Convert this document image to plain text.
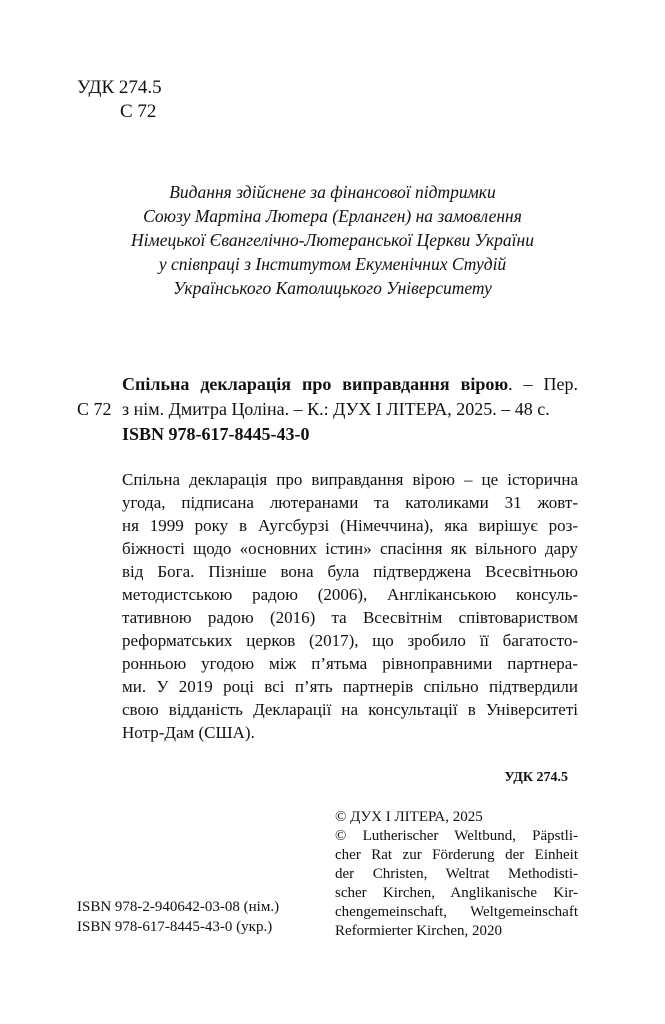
УДК 274.5
С 72
Видання здійснене за фінансової підтримки
Союзу Мартіна Лютера (Ерланген) на замовлення
Німецької Євангелічно-Лютеранської Церкви України
у співпраці з Інститутом Екуменічних Студій
Українського Католицького Університету
С 72
Спільна декларація про виправдання вірою. – Пер.
з нім. Дмитра Цоліна. – К.: ДУХ І ЛІТЕРА, 2025. – 48 с.
ISBN 978-617-8445-43-0
Спільна декларація про виправдання вірою – це історична
угода, підписана лютеранами та католиками 31 жовт-
ня 1999 року в Аугсбурзі (Німеччина), яка вирішує роз-
біжності щодо «основних істин» спасіння як вільного дару
від Бога. Пізніше вона була підтверджена Всесвітньою
методистською радою (2006), Англіканською консуль-
тативною радою (2016) та Всесвітнім співтовариством
реформатських церков (2017), що зробило її багатосто-
ронньою угодою між п’ятьма рівноправними партнера-
ми. У 2019 році всі п’ять партнерів спільно підтвердили
свою відданість Декларації на консультації в Університеті
Нотр-Дам (США).
УДК 274.5
© ДУХ І ЛІТЕРА, 2025
© Lutherischer Weltbund, Päpstli-
cher Rat zur Förderung der Einheit
der Christen, Weltrat Methodisti-
scher Kirchen, Anglikanische Kir-
chengemeinschaft, Weltgemeinschaft
Reformierter Kirchen, 2020
ISBN 978-2-940642-03-08 (нім.)
ISBN 978-617-8445-43-0 (укр.)
